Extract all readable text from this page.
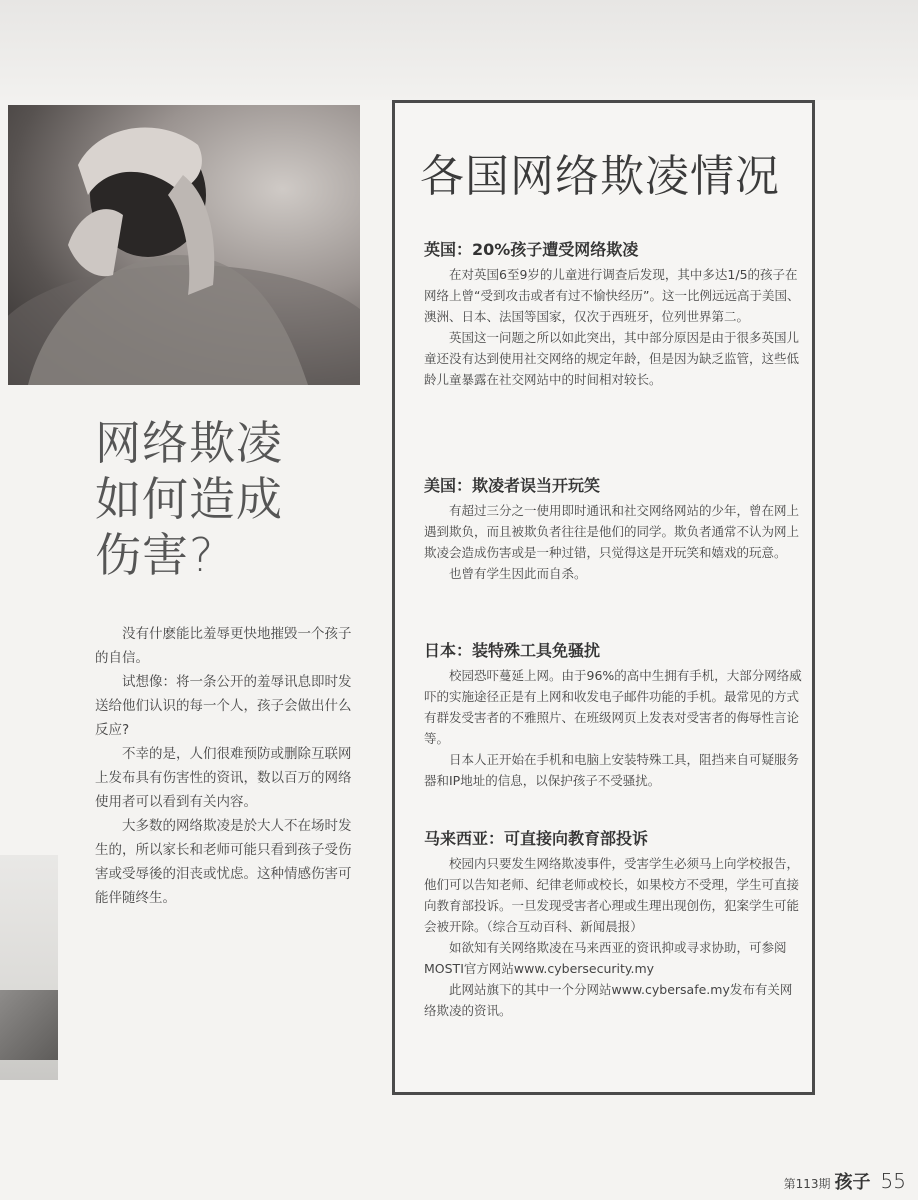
网络欺凌
如何造成
伤害?

没有什麽能比羞辱更快地摧毁一个孩子的自信。

试想像：将一条公开的羞辱讯息即时发送给他们认识的每一个人，孩子会做出什么反应?

不幸的是，人们很难预防或删除互联网上发布具有伤害性的资讯，数以百万的网络使用者可以看到有关内容。

大多数的网络欺凌是於大人不在场时发生的，所以家长和老师可能只看到孩子受伤害或受辱後的泪丧或忧虑。这种情感伤害可能伴随终生。

各国网络欺凌情况
英国：20%孩子遭受网络欺凌

在对英国6至9岁的儿童进行调查后发现，其中多达1/5的孩子在网络上曾“受到攻击或者有过不愉快经历”。这一比例远远高于美国、澳洲、日本、法国等国家，仅次于西班牙，位列世界第二。

英国这一问题之所以如此突出，其中部分原因是由于很多英国儿童还没有达到使用社交网络的规定年龄，但是因为缺乏监管，这些低龄儿童暴露在社交网站中的时间相对较长。

美国：欺凌者误当开玩笑

有超过三分之一使用即时通讯和社交网络网站的少年，曾在网上遇到欺负，而且被欺负者往往是他们的同学。欺负者通常不认为网上欺凌会造成伤害或是一种过错，只觉得这是开玩笑和嬉戏的玩意。

也曾有学生因此而自杀。

日本：装特殊工具免骚扰

校园恐吓蔓延上网。由于96%的高中生拥有手机，大部分网络威吓的实施途径正是有上网和收发电子邮件功能的手机。最常见的方式有群发受害者的不雅照片、在班级网页上发表对受害者的侮辱性言论等。

日本人正开始在手机和电脑上安装特殊工具，阻挡来自可疑服务器和IP地址的信息，以保护孩子不受骚扰。

马来西亚：可直接向教育部投诉

校园内只要发生网络欺凌事件，受害学生必须马上向学校报告，他们可以告知老师、纪律老师或校长，如果校方不受理，学生可直接向教育部投诉。一旦发现受害者心理或生理出现创伤，犯案学生可能会被开除。（综合互动百科、新闻晨报）

如欲知有关网络欺凌在马来西亚的资讯抑或寻求协助，可参阅MOSTI官方网站www.cybersecurity.my

此网站旗下的其中一个分网站www.cybersafe.my发布有关网络欺凌的资讯。

第113期 孩子 55
